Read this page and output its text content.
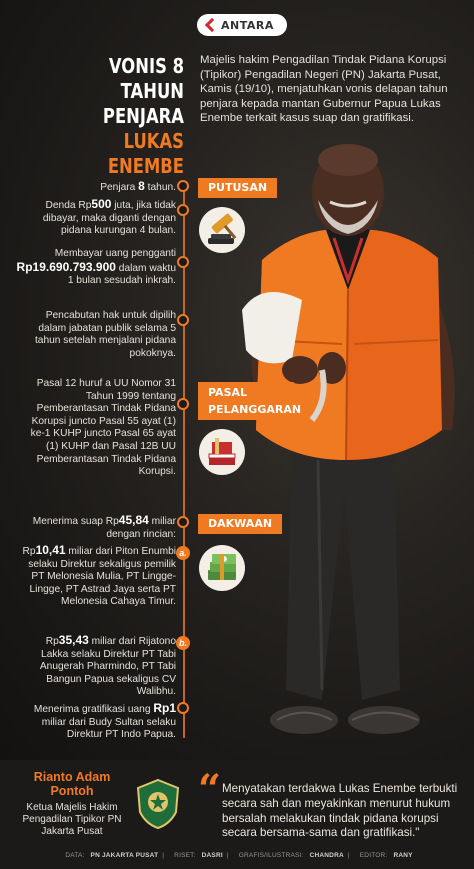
ANTARA
VONIS 8 TAHUN
PENJARA
LUKAS ENEMBE

Majelis hakim Pengadilan Tindak Pidana Korupsi (Tipikor) Pengadilan Negeri (PN) Jakarta Pusat, Kamis (19/10), menjatuhkan vonis delapan tahun penjara kepada mantan Gubernur Papua Lukas Enembe terkait kasus suap dan gratifikasi.

a.
b.
PUTUSAN

Penjara 8 tahun.

Denda Rp500 juta, jika tidak dibayar, maka diganti dengan pidana kurungan 4 bulan.

Membayar uang pengganti Rp19.690.793.900 dalam waktu 1 bulan sesudah inkrah.

Pencabutan hak untuk dipilih dalam jabatan publik selama 5 tahun setelah menjalani pidana pokoknya.

PASAL
PELANGGARAN

Pasal 12 huruf a UU Nomor 31 Tahun 1999 tentang Pemberantasan Tindak Pidana Korupsi juncto Pasal 55 ayat (1) ke-1 KUHP juncto Pasal 65 ayat (1) KUHP dan Pasal 12B UU Pemberantasan Tindak Pidana Korupsi.

DAKWAAN

Menerima suap Rp45,84 miliar dengan rincian:

Rp10,41 miliar dari Piton Enumbi selaku Direktur sekaligus pemilik PT Melonesia Mulia, PT Lingge-Lingge, PT Astrad Jaya serta PT Melonesia Cahaya Timur.

Rp35,43 miliar dari Rijatono Lakka selaku Direktur PT Tabi Anugerah Pharmindo, PT Tabi Bangun Papua sekaligus CV Walibhu.

Menerima gratifikasi uang Rp1 miliar dari Budy Sultan selaku Direktur PT Indo Papua.

Rianto Adam
Pontoh

Ketua Majelis Hakim Pengadilan Tipikor PN Jakarta Pusat

“ Menyatakan terdakwa Lukas Enembe terbukti secara sah dan meyakinkan menurut hukum bersalah melakukan tindak pidana korupsi secara bersama-sama dan gratifikasi."

DATA: PN JAKARTA PUSAT | RISET: DASRI | GRAFIS/ILUSTRASI: CHANDRA | EDITOR: RANY
